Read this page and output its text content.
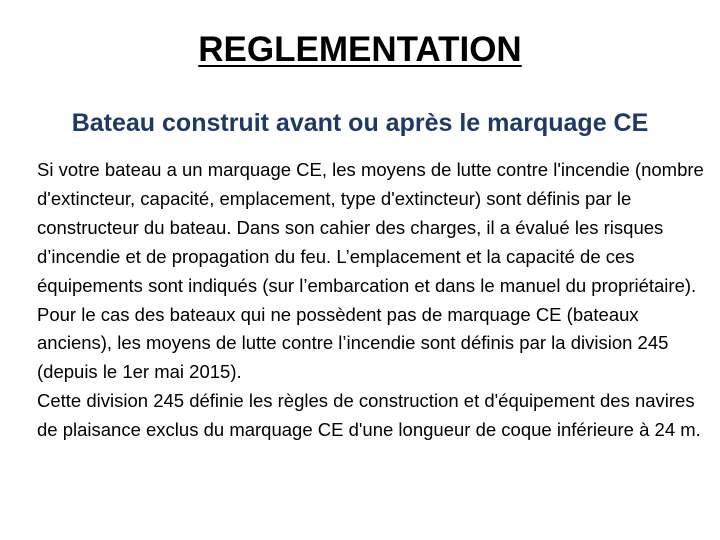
REGLEMENTATION
Bateau construit avant ou après le marquage CE

Si votre bateau a un marquage CE, les moyens de lutte contre l'incendie (nombre d'extincteur, capacité, emplacement, type d'extincteur) sont définis par le constructeur du bateau. Dans son cahier des charges, il a évalué les risques d’incendie et de propagation du feu. L’emplacement et la capacité de ces équipements sont indiqués (sur l’embarcation et dans le manuel du propriétaire).

Pour le cas des bateaux qui ne possèdent pas de marquage CE (bateaux anciens), les moyens de lutte contre l’incendie sont définis par la division 245 (depuis le 1er mai 2015).

Cette division 245 définie les règles de construction et d'équipement des navires de plaisance exclus du marquage CE d'une longueur de coque inférieure à 24 m.
